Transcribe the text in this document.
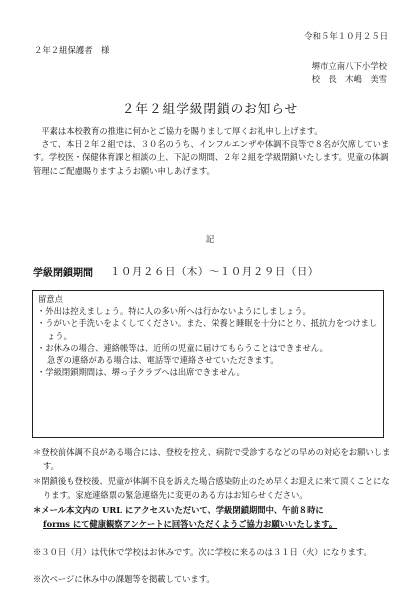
令和５年１０月２５日
２年２組保護者　様
堺市立南八下小学校
校　長　木嶋　美雪
２年２組学級閉鎖のお知らせ

平素は本校教育の推進に何かとご協力を賜りまして厚くお礼申し上げます。

さて、本日２年２組では、３０名のうち、インフルエンザや体調不良等で８名が欠席しています。学校医・保健体育課と相談の上、下記の期間、２年２組を学級閉鎖いたします。児童の体調管理にご配慮賜りますようお願い申しあげます。

記
学級閉鎖期間 １０月２６日（木）～１０月２９日（日）
留意点
・外出は控えましょう。特に人の多い所へは行かないようにしましょう。
・うがいと手洗いをよくしてください。また、栄養と睡眠を十分にとり、抵抗力をつけましょう。
・お休みの場合、連絡帳等は、近所の児童に届けてもらうことはできません。
急ぎの連絡がある場合は、電話等で連絡させていただきます。
・学級閉鎖期間は、堺っ子クラブへは出席できません。
＊登校前体調不良がある場合には、登校を控え、病院で受診するなどの早めの対応をお願いします。
＊閉鎖後も登校後、児童が体調不良を訴えた場合感染防止のため早くお迎えに来て頂くことになります。家庭連絡票の緊急連絡先に変更のある方はお知らせください。
＊メール本文内の URL にアクセスいただいて、学級閉鎖期間中、午前８時に
forms にて健康観察アンケートに回答いただくようご協力お願いいたします。
※３０日（月）は代休で学校はお休みです。次に学校に来るのは３１日（火）になります。
※次ページに休み中の課題等を掲載しています。
